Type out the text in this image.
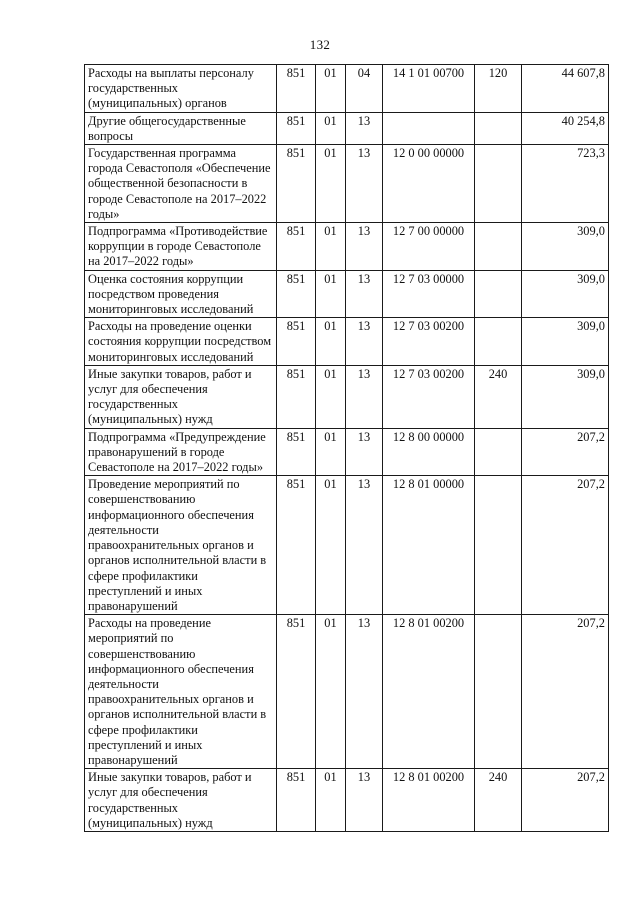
132
Расходы на выплаты персоналу государственных (муниципальных) органов	851	01	04	14 1 01 00700	120	44 607,8
Другие общегосударственные вопросы	851	01	13			40 254,8
Государственная программа города Севастополя «Обеспечение общественной безопасности в городе Севастополе на 2017–2022 годы»	851	01	13	12 0 00 00000		723,3
Подпрограмма «Противодействие коррупции в городе Севастополе на 2017–2022 годы»	851	01	13	12 7 00 00000		309,0
Оценка состояния коррупции посредством проведения мониторинговых исследований	851	01	13	12 7 03 00000		309,0
Расходы на проведение оценки состояния коррупции посредством мониторинговых исследований	851	01	13	12 7 03 00200		309,0
Иные закупки товаров, работ и услуг для обеспечения государственных (муниципальных) нужд	851	01	13	12 7 03 00200	240	309,0
Подпрограмма «Предупреждение правонарушений в городе Севастополе на 2017–2022 годы»	851	01	13	12 8 00 00000		207,2
Проведение мероприятий по совершенствованию информационного обеспечения деятельности правоохранительных органов и органов исполнительной власти в сфере профилактики преступлений и иных правонарушений	851	01	13	12 8 01 00000		207,2
Расходы на проведение мероприятий по совершенствованию информационного обеспечения деятельности правоохранительных органов и органов исполнительной власти в сфере профилактики преступлений и иных правонарушений	851	01	13	12 8 01 00200		207,2
Иные закупки товаров, работ и услуг для обеспечения государственных (муниципальных) нужд	851	01	13	12 8 01 00200	240	207,2
